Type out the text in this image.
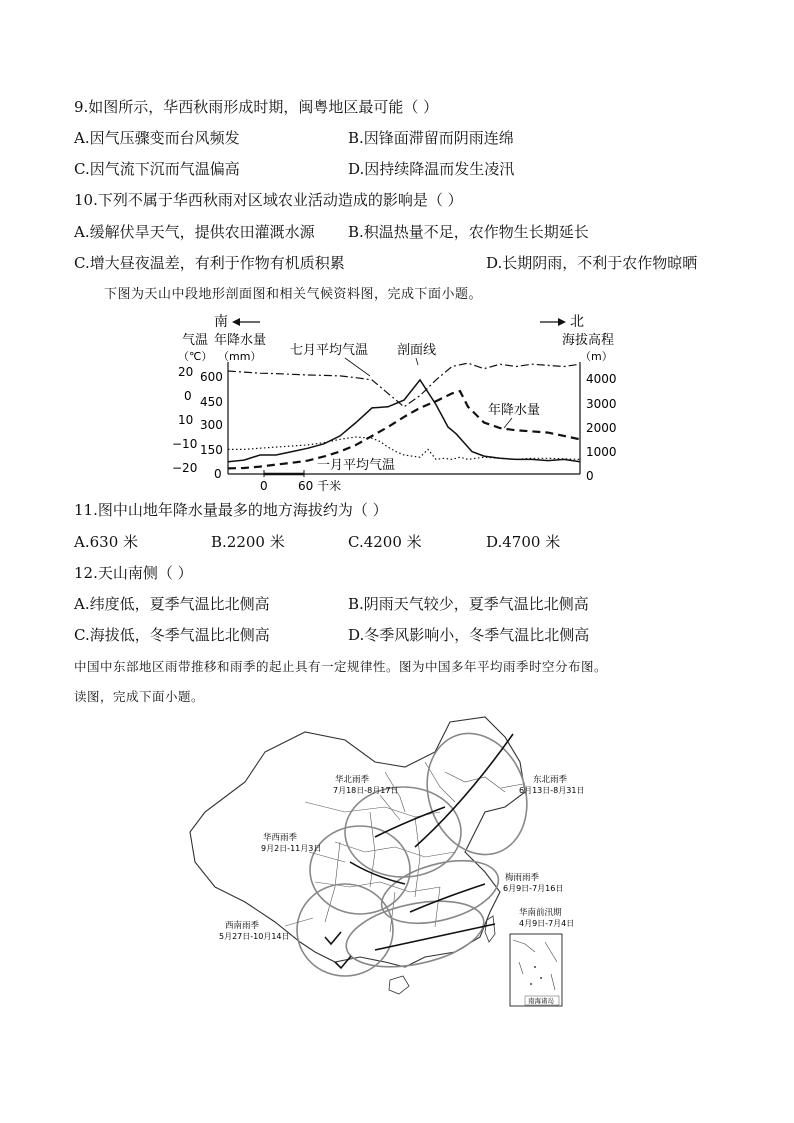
9.如图所示，华西秋雨形成时期，闽粤地区最可能（ ）
A.因气压骤变而台风频发	B.因锋面滞留而阴雨连绵
C.因气流下沉而气温偏高	D.因持续降温而发生凌汛
10.下列不属于华西秋雨对区域农业活动造成的影响是（ ）
A.缓解伏旱天气，提供农田灌溉水源 B.积温热量不足，农作物生长期延长
C.增大昼夜温差，有利于作物有机质积累	D.长期阴雨，不利于农作物晾晒
下图为天山中段地形剖面图和相关气候资料图，完成下面小题。
南	北
气温 年降水量
（℃） （mm）
海拔高程
（m）
20
0
10
−10
−20
600
450
300
150
0
4000
3000
2000
1000
0
七月平均气温 剖面线
年降水量
一月平均气温
0	60 千米
11.图中山地年降水量最多的地方海拔约为（ ）
A.630 米	B.2200 米	C.4200 米	D.4700 米
12.天山南侧（ ）
A.纬度低，夏季气温比北侧高	B.阴雨天气较少，夏季气温比北侧高
C.海拔低，冬季气温比北侧高	D.冬季风影响小，冬季气温比北侧高
中国中东部地区雨带推移和雨季的起止具有一定规律性。图为中国多年平均雨季时空分布图。
读图，完成下面小题。
华北雨季
7月18日-8月17日
东北雨季
6月13日-8月31日
华西雨季
9月2日-11月3日
梅雨雨季
6月9日-7月16日
西南雨季
5月27日-10月14日
华南前汛期
4月9日-7月4日
南海诸岛
